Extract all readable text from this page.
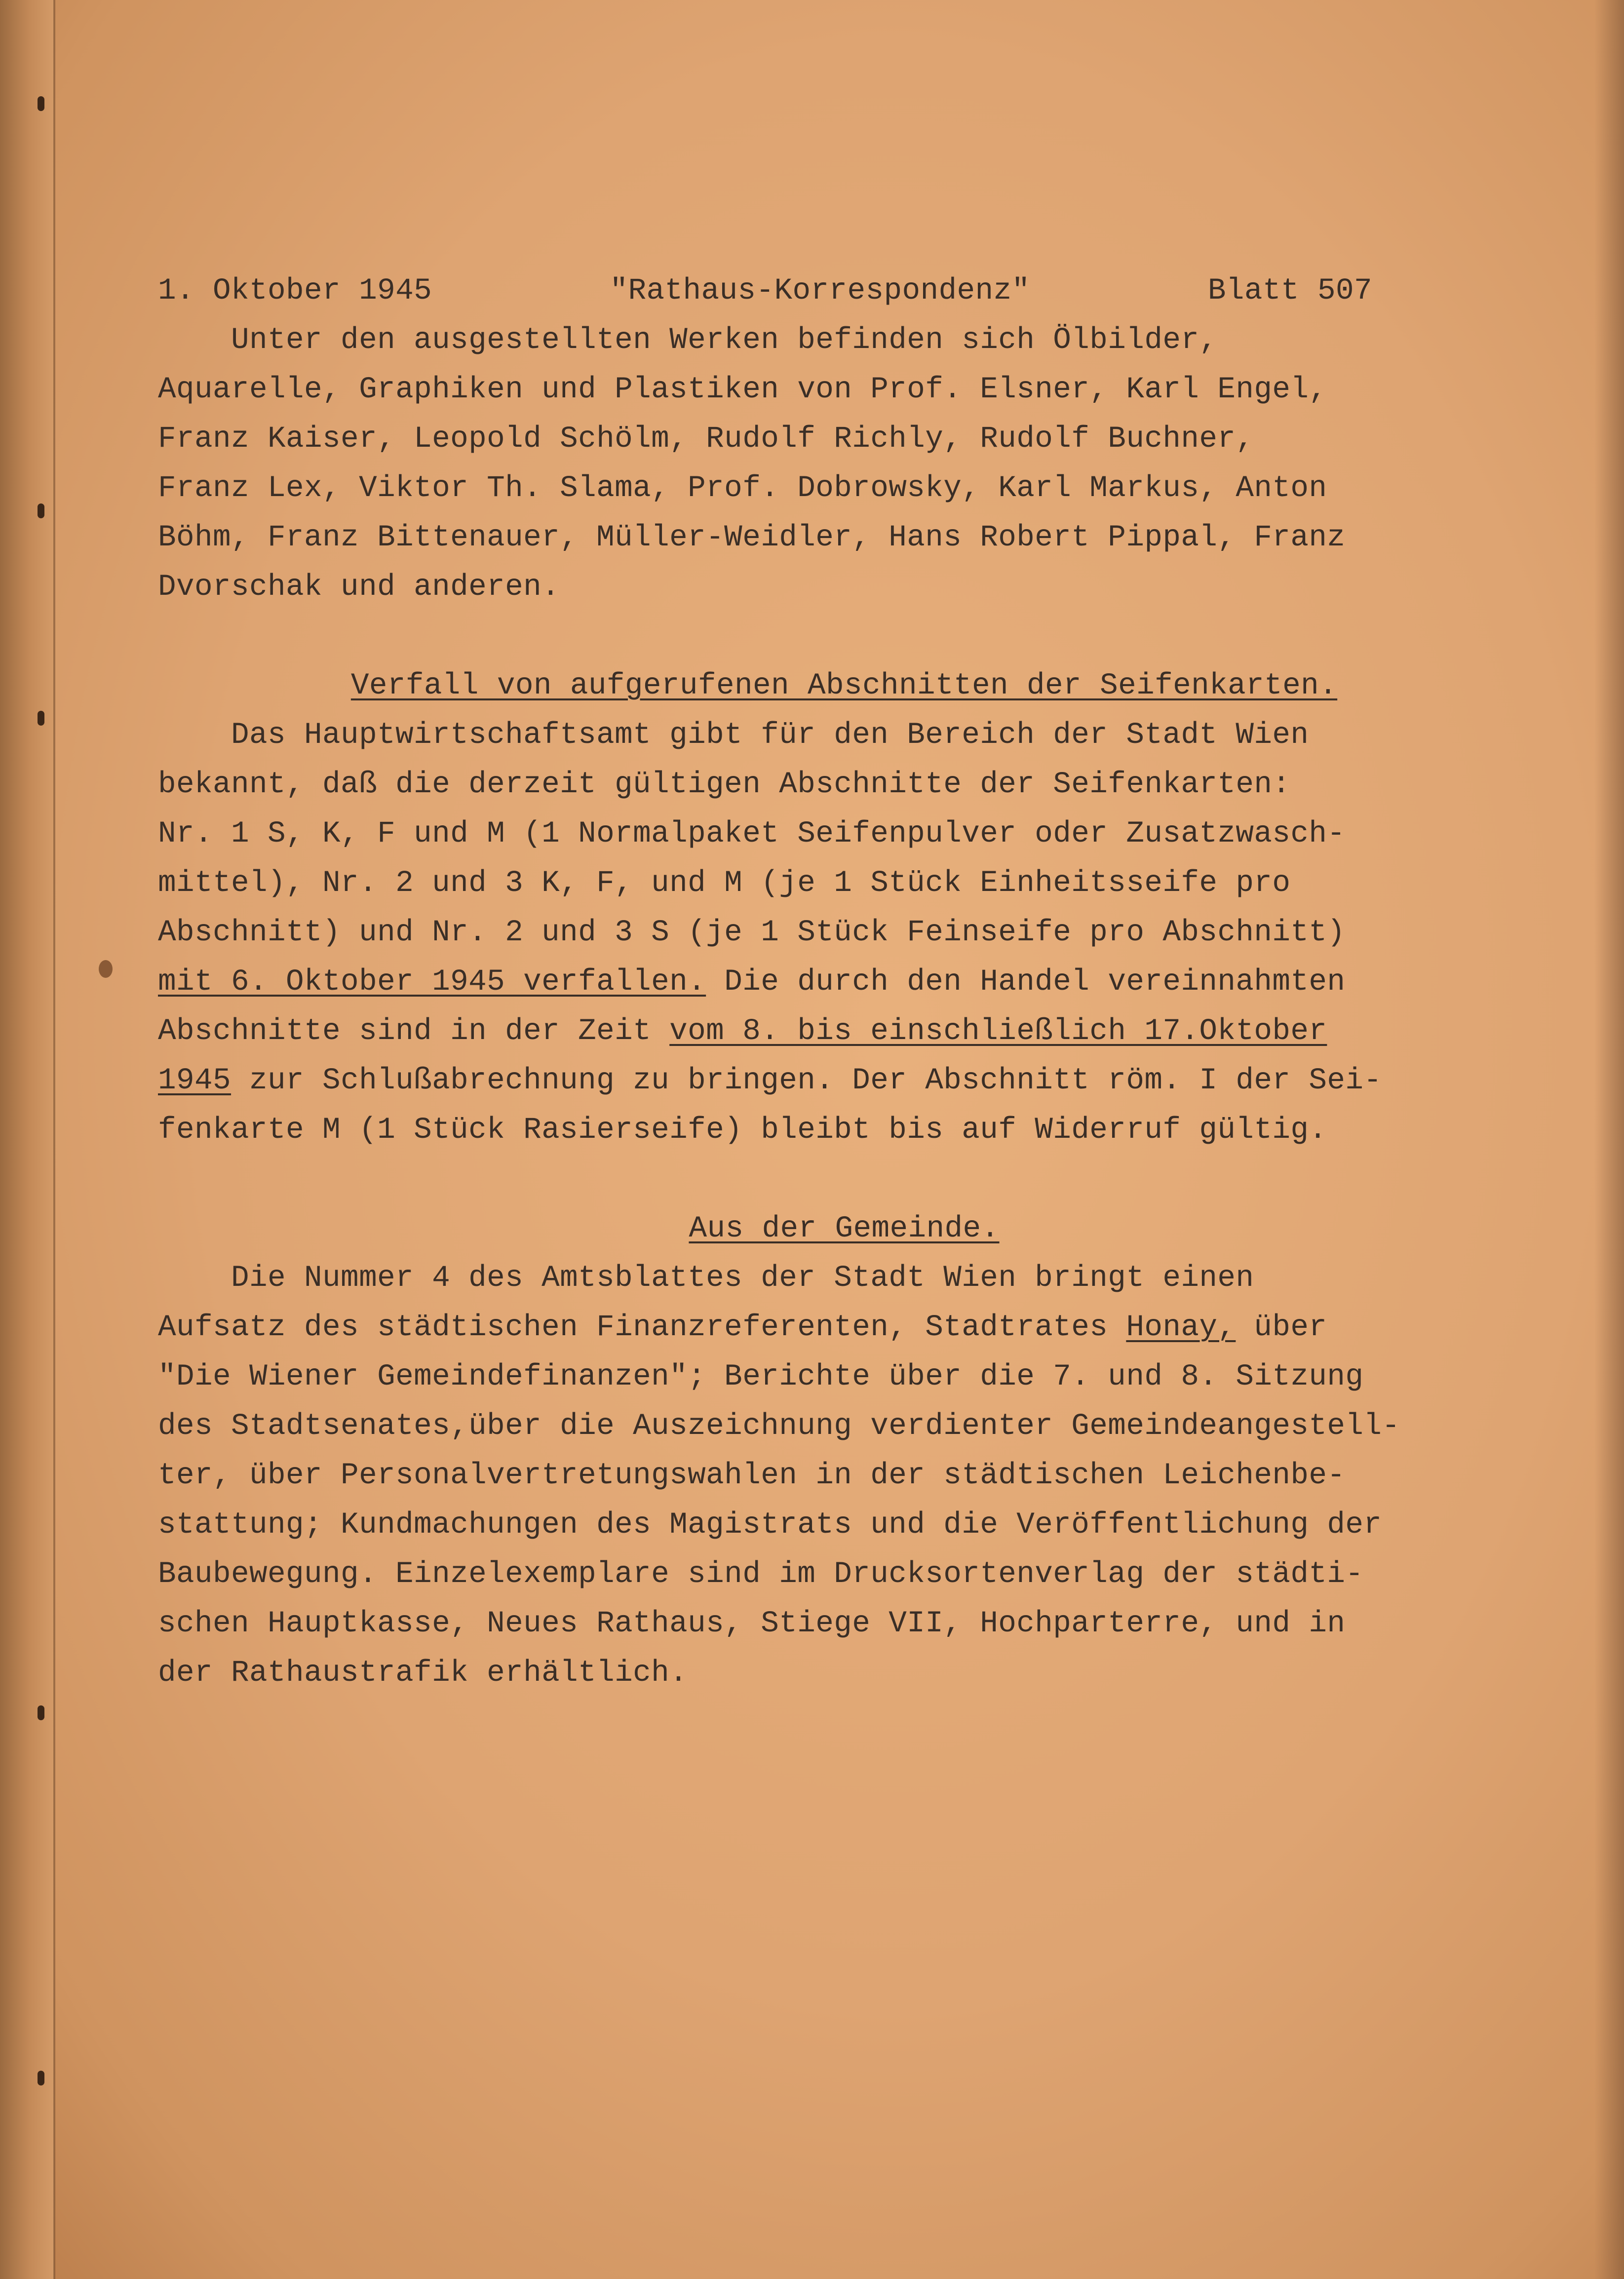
1. Oktober 1945	"Rathaus-Korrespondenz"	Blatt 507
Unter den ausgestellten Werken befinden sich Ölbilder,
Aquarelle, Graphiken und Plastiken von Prof. Elsner, Karl Engel,
Franz Kaiser, Leopold Schölm, Rudolf Richly, Rudolf Buchner,
Franz Lex, Viktor Th. Slama, Prof. Dobrowsky, Karl Markus, Anton
Böhm, Franz Bittenauer, Müller-Weidler, Hans Robert Pippal, Franz
Dvorschak und anderen.
Verfall von aufgerufenen Abschnitten der Seifenkarten.
Das Hauptwirtschaftsamt gibt für den Bereich der Stadt Wien
bekannt, daß die derzeit gültigen Abschnitte der Seifenkarten:
Nr. 1 S, K, F und M (1 Normalpaket Seifenpulver oder Zusatzwasch-
mittel), Nr. 2 und 3 K, F, und M (je 1 Stück Einheitsseife pro
Abschnitt) und Nr. 2 und 3 S (je 1 Stück Feinseife pro Abschnitt)
mit 6. Oktober 1945 verfallen. Die durch den Handel vereinnahmten
Abschnitte sind in der Zeit vom 8. bis einschließlich 17.Oktober
1945 zur Schlußabrechnung zu bringen. Der Abschnitt röm. I der Sei-
fenkarte M (1 Stück Rasierseife) bleibt bis auf Widerruf gültig.
Aus der Gemeinde.
Die Nummer 4 des Amtsblattes der Stadt Wien bringt einen
Aufsatz des städtischen Finanzreferenten, Stadtrates Honay, über
"Die Wiener Gemeindefinanzen"; Berichte über die 7. und 8. Sitzung
des Stadtsenates,über die Auszeichnung verdienter Gemeindeangestell-
ter, über Personalvertretungswahlen in der städtischen Leichenbe-
stattung; Kundmachungen des Magistrats und die Veröffentlichung der
Baubewegung. Einzelexemplare sind im Drucksortenverlag der städti-
schen Hauptkasse, Neues Rathaus, Stiege VII, Hochparterre, und in
der Rathaustrafik erhältlich.
